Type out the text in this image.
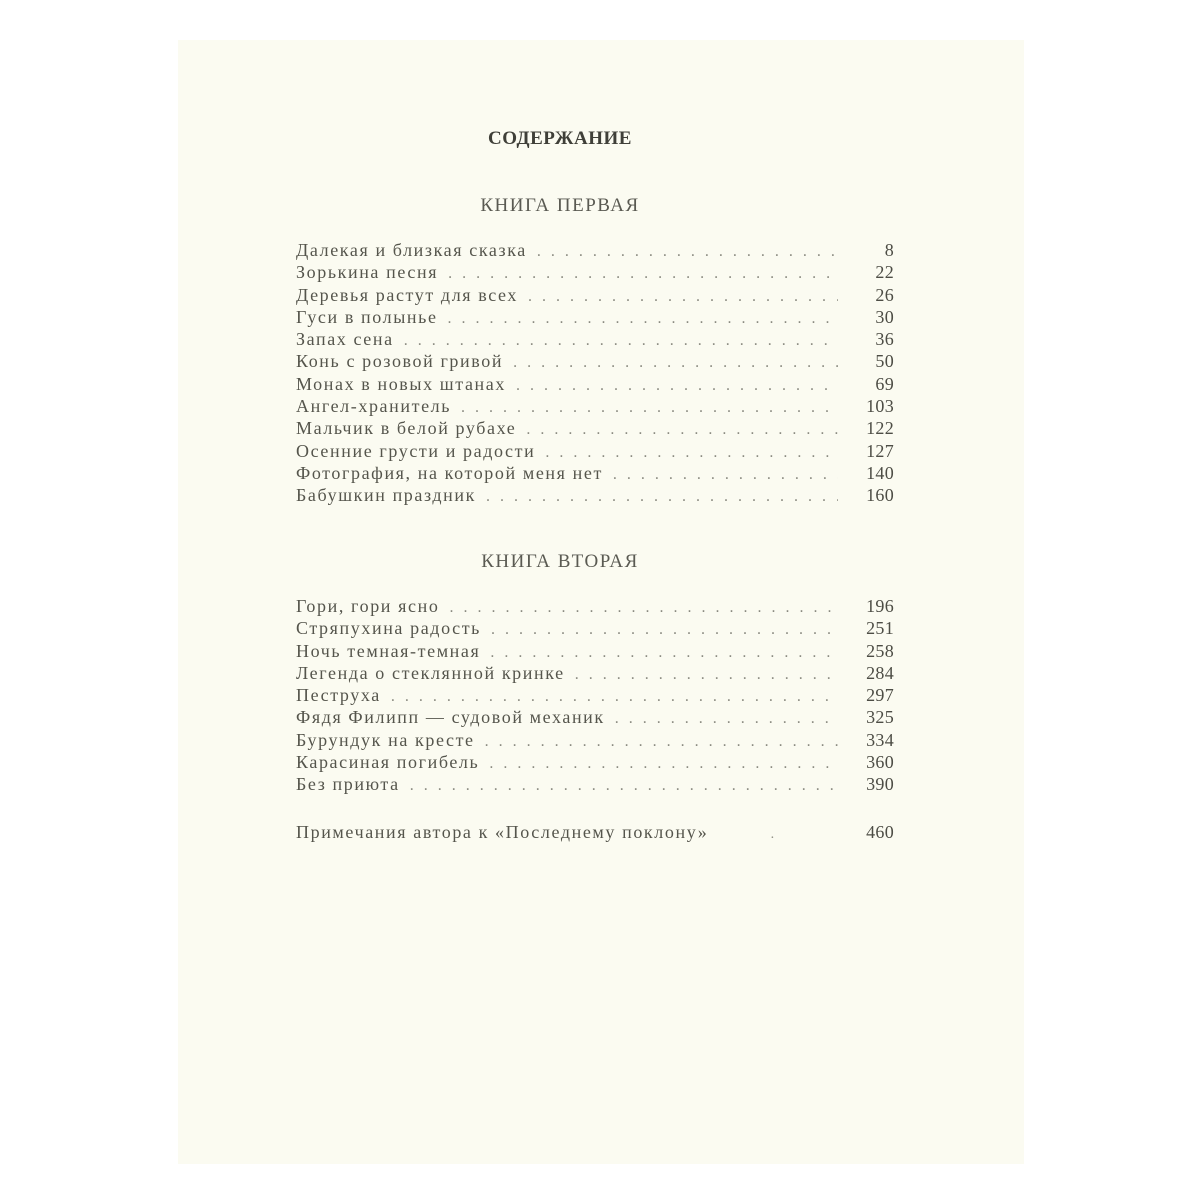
СОДЕРЖАНИЕ
КНИГА ПЕРВАЯ
Далекая и близкая сказка . . .	8
Зорькина песня . . .	22
Деревья растут для всех . . .	26
Гуси в полынье . . .	30
Запах сена . . .	36
Конь с розовой гривой . . .	50
Монах в новых штанах . . .	69
Ангел-хранитель . . .	103
Мальчик в белой рубахе . . .	122
Осенние грусти и радости . . .	127
Фотография, на которой меня нет . . .	140
Бабушкин праздник . . .	160
КНИГА ВТОРАЯ
Гори, гори ясно . . .	196
Стряпухина радость . . .	251
Ночь темная-темная . . .	258
Легенда о стеклянной кринке . . .	284
Пеструха . . .	297
Фядя Филипп — судовой механик . . .	325
Бурундук на кресте . . .	334
Карасиная погибель . . .	360
Без приюта . . .	390
Примечания автора к «Последнему поклону»	.	460
